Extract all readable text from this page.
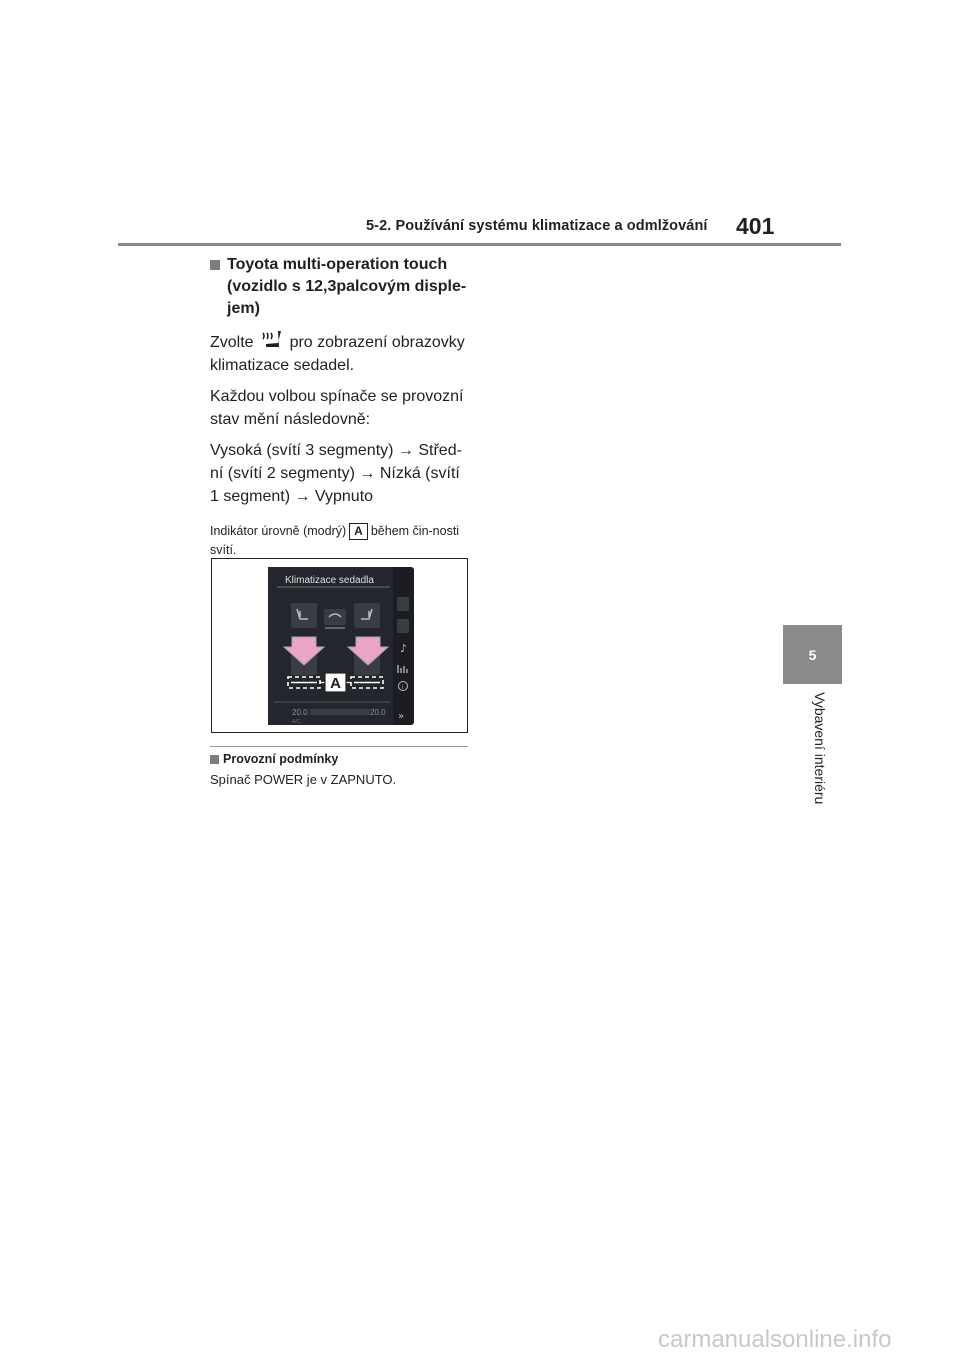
5-2. Používání systému klimatizace a odmlžování 401
5
Vybavení interiéru
Toyota multi-operation touch (vozidlo s 12,3palcovým disple-jem)

Zvolte pro zobrazení obrazovky klimatizace sedadel.

Každou volbou spínače se provozní stav mění následovně:

Vysoká (svítí 3 segmenty) → Střed-ní (svítí 2 segmenty) → Nízká (svítí 1 segment) → Vypnuto

Indikátor úrovně (modrý) A během čin-nosti svítí.
Klimatizace sedadla
A
20.0
A/C
20.0
♪
i
»
Provozní podmínky
Spínač POWER je v ZAPNUTO.
carmanualsonline.info
